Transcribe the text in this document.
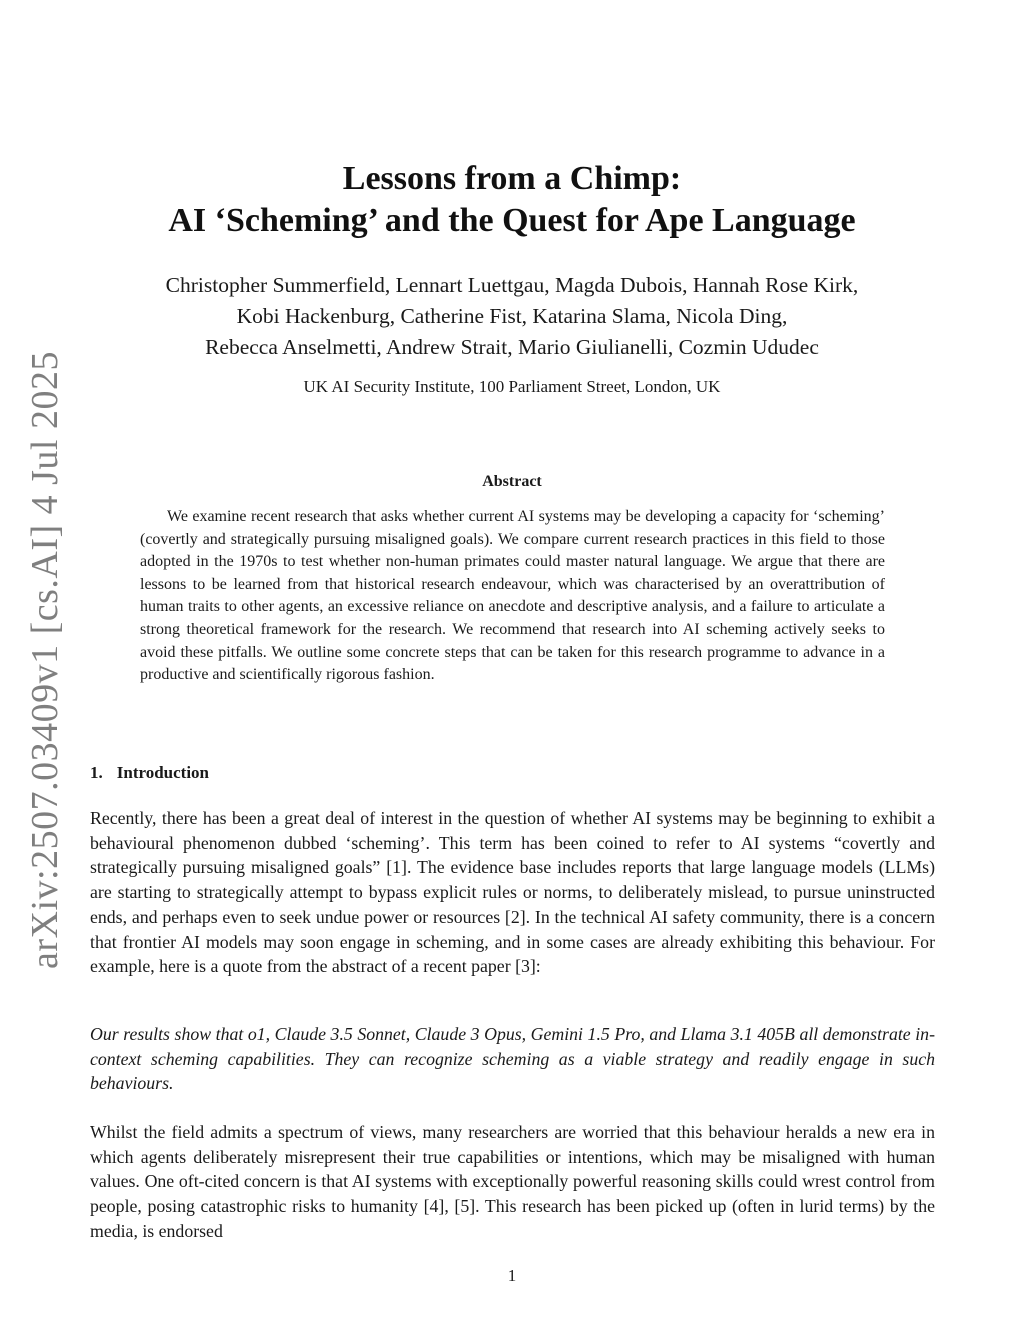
arXiv:2507.03409v1 [cs.AI] 4 Jul 2025
Lessons from a Chimp:
AI ‘Scheming’ and the Quest for Ape Language
Christopher Summerfield, Lennart Luettgau, Magda Dubois, Hannah Rose Kirk,
Kobi Hackenburg, Catherine Fist, Katarina Slama, Nicola Ding,
Rebecca Anselmetti, Andrew Strait, Mario Giulianelli, Cozmin Ududec
UK AI Security Institute, 100 Parliament Street, London, UK
Abstract

We examine recent research that asks whether current AI systems may be developing a capacity for ‘scheming’ (covertly and strategically pursuing misaligned goals). We compare current research practices in this field to those adopted in the 1970s to test whether non-human primates could master natural language. We argue that there are lessons to be learned from that historical research endeavour, which was characterised by an overattribution of human traits to other agents, an excessive reliance on anecdote and descriptive analysis, and a failure to articulate a strong theoretical framework for the research. We recommend that research into AI scheming actively seeks to avoid these pitfalls. We outline some concrete steps that can be taken for this research programme to advance in a productive and scientifically rigorous fashion.

1. Introduction

Recently, there has been a great deal of interest in the question of whether AI systems may be beginning to exhibit a behavioural phenomenon dubbed ‘scheming’. This term has been coined to refer to AI systems “covertly and strategically pursuing misaligned goals” [1]. The evidence base includes reports that large language models (LLMs) are starting to strategically attempt to bypass explicit rules or norms, to deliberately mislead, to pursue uninstructed ends, and perhaps even to seek undue power or resources [2]. In the technical AI safety community, there is a concern that frontier AI models may soon engage in scheming, and in some cases are already exhibiting this behaviour. For example, here is a quote from the abstract of a recent paper [3]:

Our results show that o1, Claude 3.5 Sonnet, Claude 3 Opus, Gemini 1.5 Pro, and Llama 3.1 405B all demonstrate in-context scheming capabilities. They can recognize scheming as a viable strategy and readily engage in such behaviours.

Whilst the field admits a spectrum of views, many researchers are worried that this behaviour heralds a new era in which agents deliberately misrepresent their true capabilities or intentions, which may be misaligned with human values. One oft-cited concern is that AI systems with exceptionally powerful reasoning skills could wrest control from people, posing catastrophic risks to humanity [4], [5]. This research has been picked up (often in lurid terms) by the media, is endorsed

1
